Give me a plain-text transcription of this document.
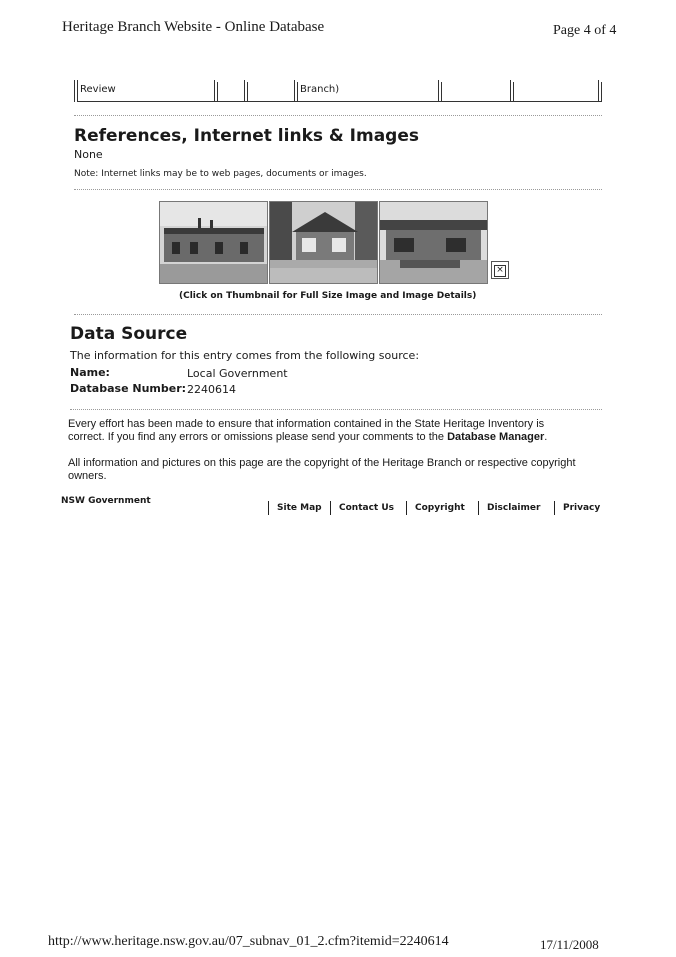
Heritage Branch Website - Online Database	Page 4 of 4
Review	Branch)
References, Internet links & Images
None
Note: Internet links may be to web pages, documents or images.
×
(Click on Thumbnail for Full Size Image and Image Details)
Data Source
The information for this entry comes from the following source:
Name:	Local Government
Database Number: 2240614
Every effort has been made to ensure that information contained in the State Heritage Inventory is correct. If you find any errors or omissions please send your comments to the Database Manager.
All information and pictures on this page are the copyright of the Heritage Branch or respective copyright owners.
NSW Government
Site Map	Contact Us	Copyright	Disclaimer	Privacy
http://www.heritage.nsw.gov.au/07_subnav_01_2.cfm?itemid=2240614	17/11/2008
